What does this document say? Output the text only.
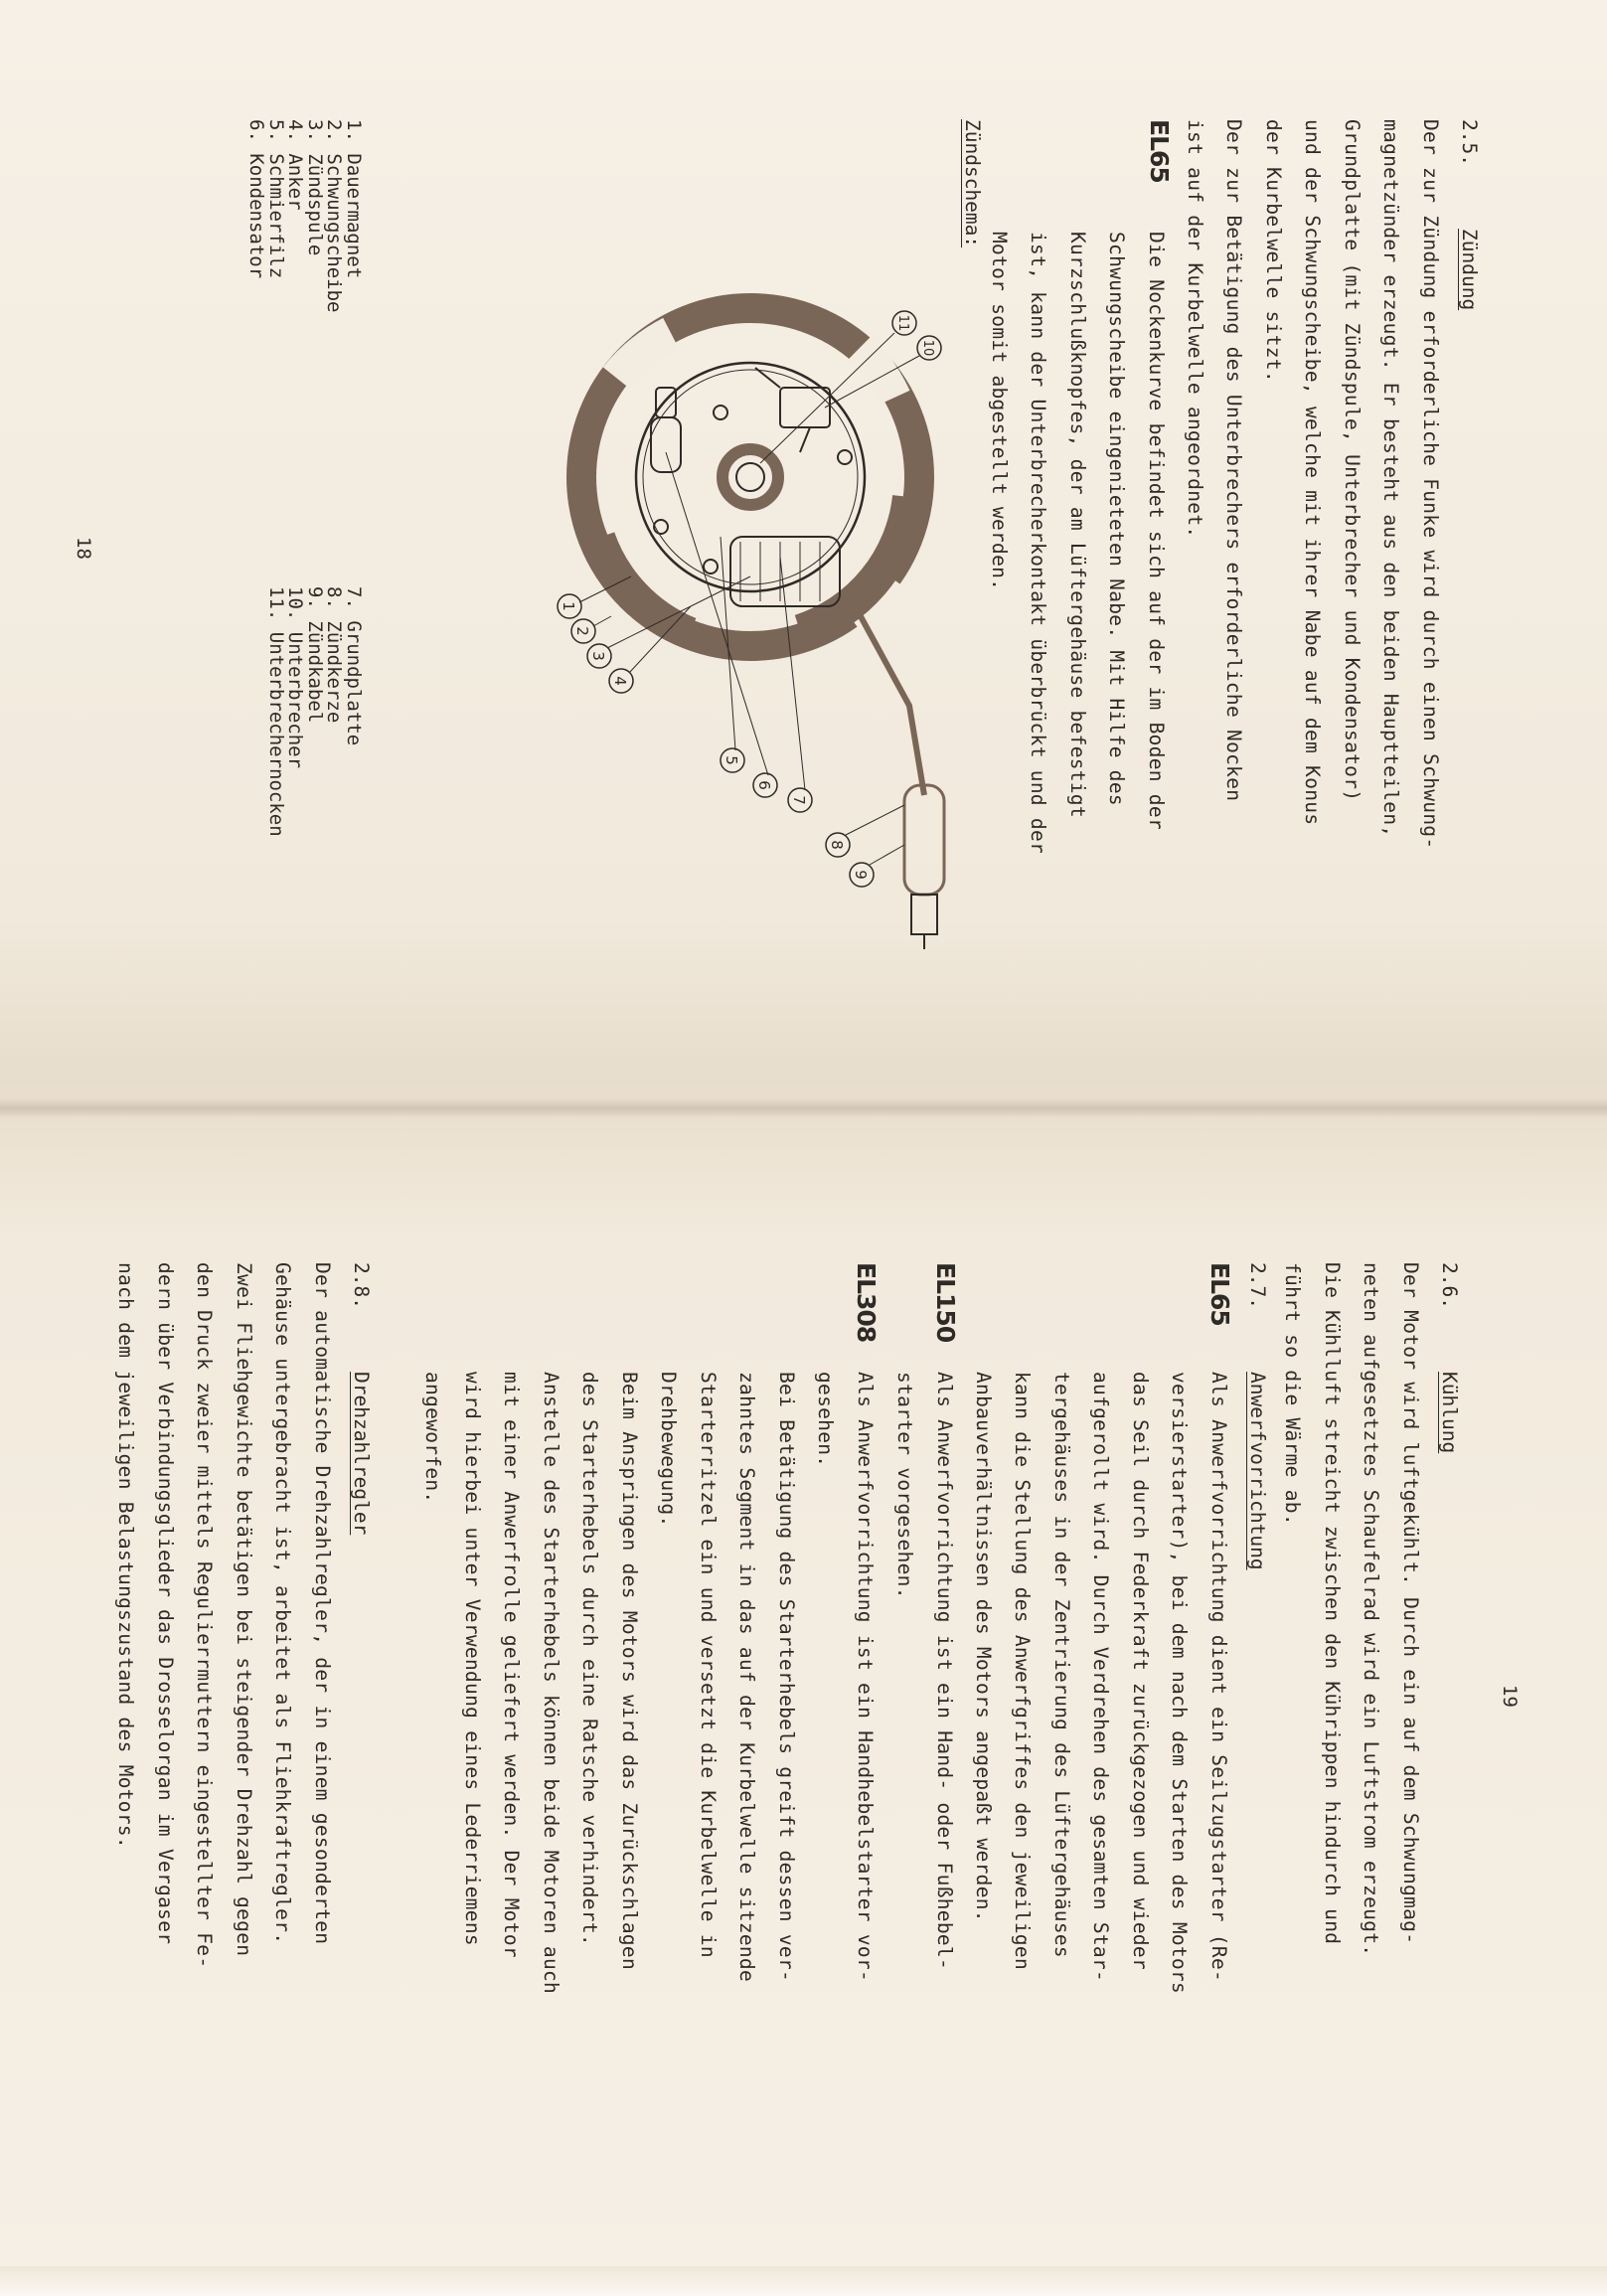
2.5.
Zündung
Der zur Zündung erforderliche Funke wird durch einen Schwung-
magnetzünder erzeugt. Er besteht aus den beiden Hauptteilen,
Grundplatte (mit Zündspule, Unterbrecher und Kondensator)
und der Schwungscheibe, welche mit ihrer Nabe auf dem Konus
der Kurbelwelle sitzt.
Der zur Betätigung des Unterbrechers erforderliche Nocken
ist auf der Kurbelwelle angeordnet.
EL65
Die Nockenkurve befindet sich auf der im Boden der
Schwungscheibe eingenieteten Nabe. Mit Hilfe des
Kurzschlußknopfes, der am Lüftergehäuse befestigt
ist, kann der Unterbrecherkontakt überbrückt und der
Motor somit abgestellt werden.
Zündschema:
9
8
7
6
5
4
3
2
1
10
11
1. Dauermagnet
2. Schwungscheibe
3. Zündspule
4. Anker
5. Schmierfilz
6. Kondensator
7. Grundplatte
8. Zündkerze
9. Zündkabel
10. Unterbrecher
11. Unterbrechernocken
18
2.6.
Kühlung
Der Motor wird luftgekühlt. Durch ein auf dem Schwungmag-
neten aufgesetztes Schaufelrad wird ein Luftstrom erzeugt.
Die Kühlluft streicht zwischen den Kührippen hindurch und
führt so die Wärme ab.
2.7.
Anwerfvorrichtung
EL65
Als Anwerfvorrichtung dient ein Seilzugstarter (Re-
versierstarter), bei dem nach dem Starten des Motors
das Seil durch Federkraft zurückgezogen und wieder
aufgerollt wird. Durch Verdrehen des gesamten Star-
tergehäuses in der Zentrierung des Lüftergehäuses
kann die Stellung des Anwerfgriffes den jeweiligen
Anbauverhältnissen des Motors angepaßt werden.
EL150
Als Anwerfvorrichtung ist ein Hand- oder Fußhebel-
starter vorgesehen.
EL308
Als Anwerfvorrichtung ist ein Handhebelstarter vor-
gesehen.
Bei Betätigung des Starterhebels greift dessen ver-
zahntes Segment in das auf der Kurbelwelle sitzende
Starterritzel ein und versetzt die Kurbelwelle in
Drehbewegung.
Beim Anspringen des Motors wird das Zurückschlagen
des Starterhebels durch eine Ratsche verhindert.
Anstelle des Starterhebels können beide Motoren auch
mit einer Anwerfrolle geliefert werden. Der Motor
wird hierbei unter Verwendung eines Lederriemens
angeworfen.
2.8.
Drehzahlregler
Der automatische Drehzahlregler, der in einem gesonderten
Gehäuse untergebracht ist, arbeitet als Fliehkraftregler.
Zwei Fliehgewichte betätigen bei steigender Drehzahl gegen
den Druck zweier mittels Regulierrmuttern eingestellter Fe-
dern über Verbindungsglieder das Drosselorgan im Vergaser
nach dem jeweiligen Belastungszustand des Motors.	19
